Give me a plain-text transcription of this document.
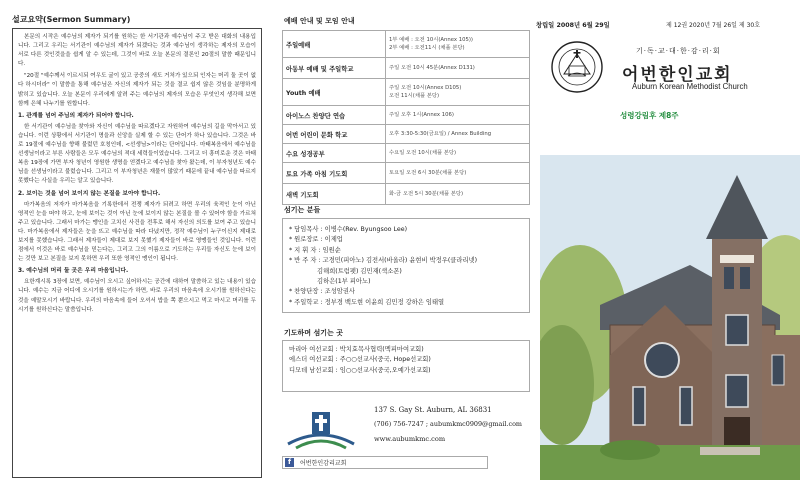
설교요약(Sermon Summary)

본문의 시작은 예수님의 제자가 되기를 원하는 한 서기관과 예수님이 주고 받은 대화의 내용입니다. 그리고 우리는 서기관이 예수님의 제자가 되겠다는 것과 예수님이 생각하는 제자의 모습이 서로 다른 것인것을을 쉽게 알 수 있는데, 그것이 바로 오늘 본문의 결론인 20절의 말씀 때문입니다.

"20절 "예수께서 이르시되 여우도 굴이 있고 공중의 새도 거처가 있으되 인자는 머리 둘 곳이 없다 하시더라" 이 말씀을 통해 예수님은 자신의 제자가 되는 것을 결코 쉽지 않은 것임을 분명하게 밝히고 있습니다. 오늘 본문이 우리에게 알려 주는 예수님의 제자의 모습은 무엇인지 생각해 보면 함께 은혜 나누기를 원합니다.

1. 관계를 넘어 주님의 제자가 되어야 합니다.

한 서기관이 예수님을 찾아와 자신이 예수님을 따르겠다고 자원하여 예수님의 길을 막아서고 있습니다. 이런 상황에서 서기관이 명을과 신앙을 실제 할 수 있는 단어가 하나 있습니다. 그것은 바로 19절에 예수님을 향해 불렀던 호칭인데, <선생님>이라는 단어입니다. 마태복음에서 예수님을 선생님이라고 부른 사람들은 모두 예수님의 적대 세력들이었습니다. 그리고 더 흥미로운 것은 마태복음 19장에 가면 부자 청년이 영원한 생명을 얻겠다고 예수님을 찾아 왔는데, 이 부자청년도 예수님을 선생님이라고 불렀습니다. 그리고 이 부자청년은 재물이 많았기 때문에 끝내 예수님을 따르지 못했다는 사실을 우리는 알고 있습니다.

2. 보이는 것을 넘어 보이지 않는 본질을 보아야 합니다.

마가복음의 저자가 마가복음을 기록한데서 전쟁 제자가 되려고 하면 우리의 육적인 눈이 아닌 영적인 눈을 떠야 하고, 눈에 보이는 것이 아닌 눈에 보이지 않는 본질을 볼 수 있어야 함을 가르쳐 주고 있습니다. 그래서 마가는 맹인을 고치신 사건을 전후로 해서 자신의 의도를 보여 주고 있습니다. 마가복음에서 제자들은 눈을 뜨고 예수님을 따라 다녔지만, 정작 예수님이 누구이신지 제대로 보지를 못했습니다. 그래서 제자들이 제대로 보지 못했기 제자들이 바로 영맹들인 것입니다. 이런 점에서 이것은 바로 예수님을 믿는다는, 그리고 그의 이름으로 기도하는 우리들 자신도 눈에 보이는 것만 보고 본질을 보지 못하면 우리 또한 영적인 맹인이 됩니다.

3. 예수님의 머리 둘 곳은 우리 마음입니다.

요한계시록 3장에 보면, 예수님이 오시고 싶어하시는 공간에 대하여 말씀하고 있는 내용이 있습니다. 예수는 지금 어디에 오시기를 원하시는가 하면, 바로 우리의 마음속에 오시기를 원하신다는것을 예말모시기 바랍니다. 우리의 마음속에 들어 오셔서 밥을 쪽 뿐으시고 먹고 마시고 머리를 두시기를 원하신다는 말씀입니다.

예배 안내 및 모임 안내
주일예배	1부 예배 : 오전 10시(Annex 105))
2부 예배 : 오전11시 (채플 본당)

아동부 예배 및 주일학교	주일 오전 10시 45분(Annex D131)
Youth 예배	주일 오전 10시(Annex D105)
오전 11시(채플 본당)

아이노스 찬양단 연습	주일 오후 1시(Annex 106)
어번 어린이 문화 학교	오후 3:30-5:30(금요일) / Annex Building
수요 성경공부	수요일 오전 10시(채플 본당)
토요 가족 아침 기도회	토요일 오전 6시 30분(채플 본당)
새벽 기도회	화-금 오전 5시 30분(채플 본당)
섬기는 분들
* 담임목사 : 이병수(Rev. Byungsoo Lee)
* 원로장로 : 이제업
* 지 휘 자 : 임원순
* 반 주 자 : 고경민(피아노) 김전서(바올라) 윤현비 박정우(클라리넷)
김해희(트럼펫) 김민재(색소폰)
김하은(1부 피아노)
* 찬양단장 : 조성암권사
* 주일학교 : 정부경 백도현 이윤희 김민정 강하은 임태열
기도하며 섬기는 곳
마리아 여선교회 : 박치효목사협력(멕피마여교회)
에스더 여선교회 : 주○○선교사(중국, Hope선교회)
디모데 남선교회 : 임○○선교사(중국,오예가선교회)
137 S. Gay St. Auburn, AL 36831
(706) 756-7247 ; aubumkmc0909@gmail.com
www.aubumkmc.com
f	어번한인감리교회
창립일 2008년 6월 29일	제 12권 2020년 7월 26일 제 30호
기·독·교·대·한·감·리·회
어번한인교회
Auburn Korean Methodist Church
성령강림후 제8주
